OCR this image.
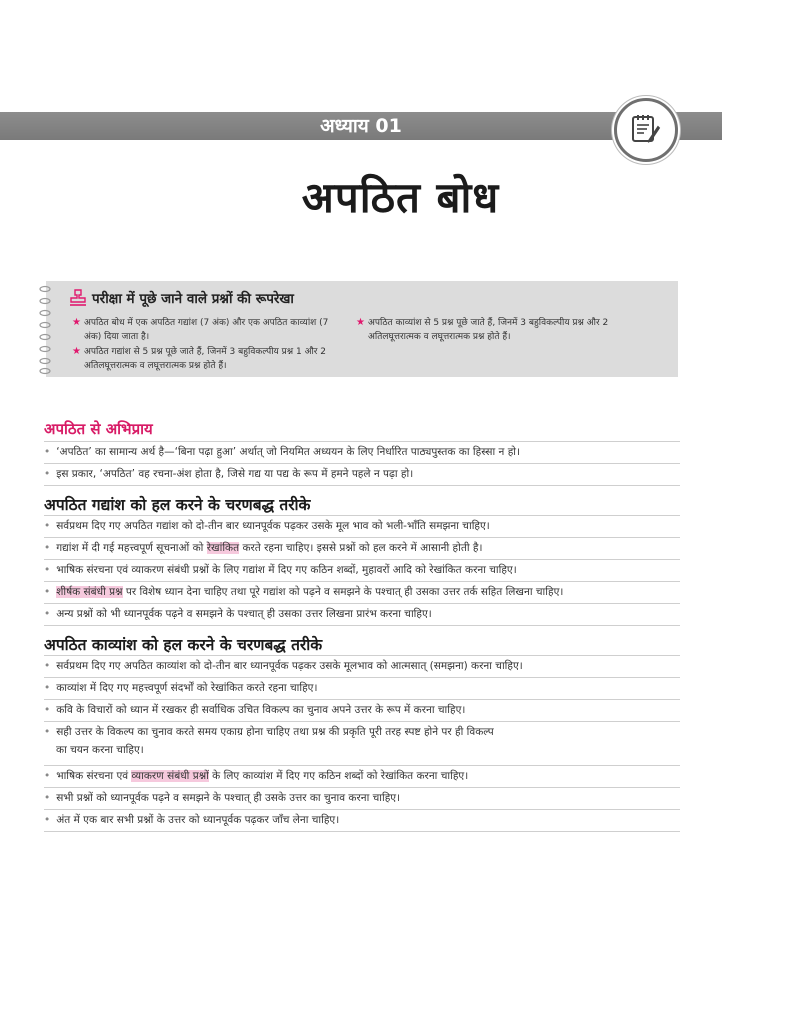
अध्याय 01
अपठित बोध
परीक्षा में पूछे जाने वाले प्रश्नों की रूपरेखा
★ अपठित बोध में एक अपठित गद्यांश (7 अंक) और एक अपठित काव्यांश (7 अंक) दिया जाता है।
★ अपठित गद्यांश से 5 प्रश्न पूछे जाते हैं, जिनमें 3 बहुविकल्पीय प्रश्न 1 और 2 अतिलघूत्तरात्मक व लघूत्तरात्मक प्रश्न होते हैं।
★ अपठित काव्यांश से 5 प्रश्न पूछे जाते हैं, जिनमें 3 बहुविकल्पीय प्रश्न और 2 अतिलघूत्तरात्मक व लघूत्तरात्मक प्रश्न होते हैं।
अपठित से अभिप्राय
• ‘अपठित’ का सामान्य अर्थ है—‘बिना पढ़ा हुआ’ अर्थात् जो नियमित अध्ययन के लिए निर्धारित पाठ्यपुस्तक का हिस्सा न हो।
• इस प्रकार, ‘अपठित’ वह रचना-अंश होता है, जिसे गद्य या पद्य के रूप में हमने पहले न पढ़ा हो।
अपठित गद्यांश को हल करने के चरणबद्ध तरीके
• सर्वप्रथम दिए गए अपठित गद्यांश को दो-तीन बार ध्यानपूर्वक पढ़कर उसके मूल भाव को भली-भाँति समझना चाहिए।
• गद्यांश में दी गई महत्त्वपूर्ण सूचनाओं को रेखांकित करते रहना चाहिए। इससे प्रश्नों को हल करने में आसानी होती है।
• भाषिक संरचना एवं व्याकरण संबंधी प्रश्नों के लिए गद्यांश में दिए गए कठिन शब्दों, मुहावरों आदि को रेखांकित करना चाहिए।
• शीर्षक संबंधी प्रश्न पर विशेष ध्यान देना चाहिए तथा पूरे गद्यांश को पढ़ने व समझने के पश्चात् ही उसका उत्तर तर्क सहित लिखना चाहिए।
• अन्य प्रश्नों को भी ध्यानपूर्वक पढ़ने व समझने के पश्चात् ही उसका उत्तर लिखना प्रारंभ करना चाहिए।
अपठित काव्यांश को हल करने के चरणबद्ध तरीके
• सर्वप्रथम दिए गए अपठित काव्यांश को दो-तीन बार ध्यानपूर्वक पढ़कर उसके मूलभाव को आत्मसात् (समझना) करना चाहिए।
• काव्यांश में दिए गए महत्त्वपूर्ण संदर्भों को रेखांकित करते रहना चाहिए।
• कवि के विचारों को ध्यान में रखकर ही सर्वाधिक उचित विकल्प का चुनाव अपने उत्तर के रूप में करना चाहिए।
• सही उत्तर के विकल्प का चुनाव करते समय एकाग्र होना चाहिए तथा प्रश्न की प्रकृति पूरी तरह स्पष्ट होने पर ही विकल्प
का चयन करना चाहिए।
• भाषिक संरचना एवं व्याकरण संबंधी प्रश्नों के लिए काव्यांश में दिए गए कठिन शब्दों को रेखांकित करना चाहिए।
• सभी प्रश्नों को ध्यानपूर्वक पढ़ने व समझने के पश्चात् ही उसके उत्तर का चुनाव करना चाहिए।
• अंत में एक बार सभी प्रश्नों के उत्तर को ध्यानपूर्वक पढ़कर जाँच लेना चाहिए।
